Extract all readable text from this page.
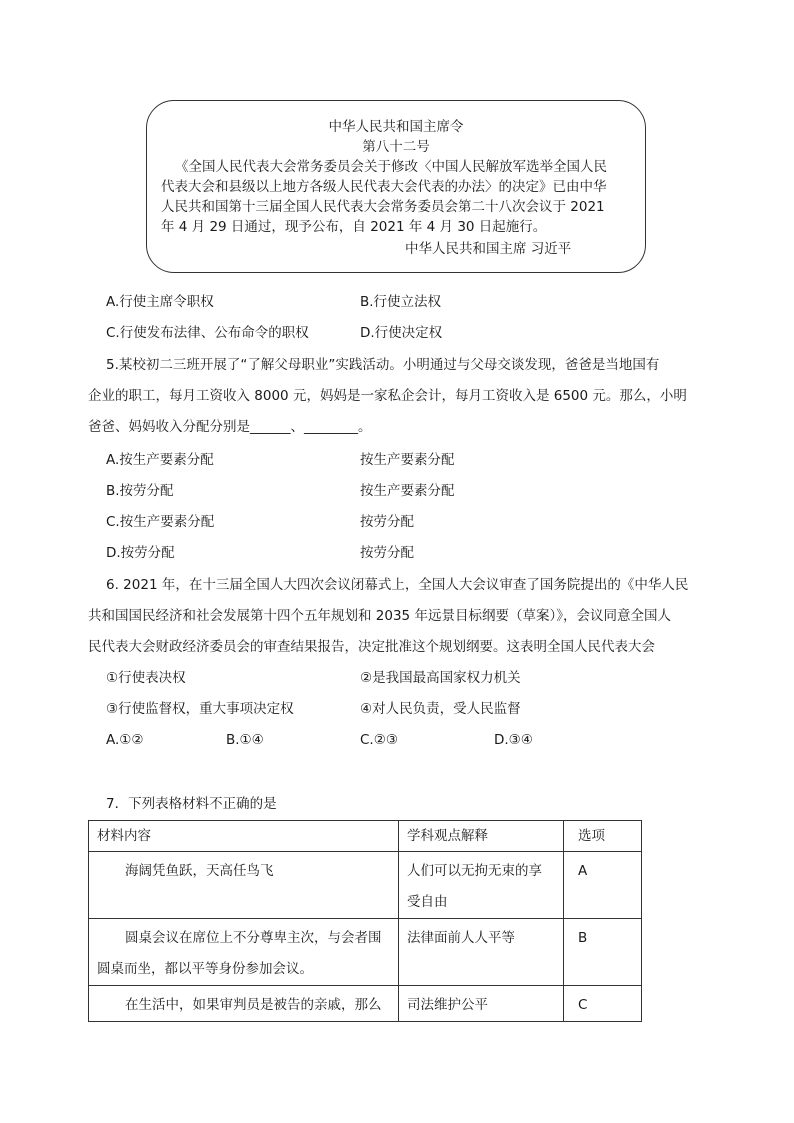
中华人民共和国主席令
第八十二号
《全国人民代表大会常务委员会关于修改〈中国人民解放军选举全国人民
代表大会和县级以上地方各级人民代表大会代表的办法〉的决定》已由中华
人民共和国第十三届全国人民代表大会常务委员会第二十八次会议于 2021
年 4 月 29 日通过，现予公布，自 2021 年 4 月 30 日起施行。
中华人民共和国主席 习近平
A.行使主席令职权	B.行使立法权
C.行使发布法律、公布命令的职权	D.行使决定权
5.某校初二三班开展了“了解父母职业”实践活动。小明通过与父母交谈发现，爸爸是当地国有
企业的职工，每月工资收入 8000 元，妈妈是一家私企会计，每月工资收入是 6500 元。那么，小明
爸爸、妈妈收入分配分别是______、________。
A.按生产要素分配	按生产要素分配
B.按劳分配	按生产要素分配
C.按生产要素分配	按劳分配
D.按劳分配	按劳分配
6. 2021 年，在十三届全国人大四次会议闭幕式上，全国人大会议审查了国务院提出的《中华人民
共和国国民经济和社会发展第十四个五年规划和 2035 年远景目标纲要（草案）》，会议同意全国人
民代表大会财政经济委员会的审查结果报告，决定批准这个规划纲要。这表明全国人民代表大会
①行使表决权	②是我国最高国家权力机关
③行使监督权，重大事项决定权	④对人民负责，受人民监督
A.①②	B.①④	C.②③	D.③④
7．下列表格材料不正确的是
材料内容	学科观点解释	选项
海阔凭鱼跃，天高任鸟飞	人们可以无拘无束的享受自由	A
圆桌会议在席位上不分尊卑主次，与会者围圆桌而坐，都以平等身份参加会议。	法律面前人人平等	B
在生活中，如果审判员是被告的亲戚，那么	司法维护公平	C
